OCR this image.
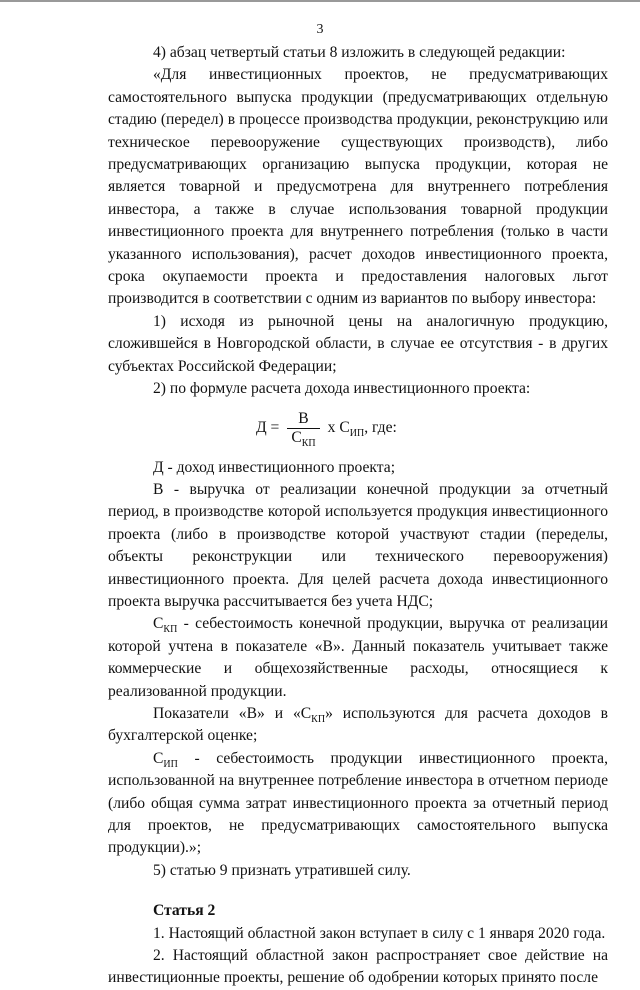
3

4) абзац четвертый статьи 8 изложить в следующей редакции:

«Для инвестиционных проектов, не предусматривающих самостоятельного выпуска продукции (предусматривающих отдельную стадию (передел) в процессе производства продукции, реконструкцию или техническое перевооружение существующих производств), либо предусматривающих организацию выпуска продукции, которая не является товарной и предусмотрена для внутреннего потребления инвестора, а также в случае использования товарной продукции инвестиционного проекта для внутреннего потребления (только в части указанного использования), расчет доходов инвестиционного проекта, срока окупаемости проекта и предоставления налоговых льгот производится в соответствии с одним из вариантов по выбору инвестора:

1) исходя из рыночной цены на аналогичную продукцию, сложившейся в Новгородской области, в случае ее отсутствия - в других субъектах Российской Федерации;

2) по формуле расчета дохода инвестиционного проекта:

$Д = \frac{В}{С_{КП}}$ х $С_{ИП}$, где:

Д - доход инвестиционного проекта;

В - выручка от реализации конечной продукции за отчетный период, в производстве которой используется продукция инвестиционного проекта (либо в производстве которой участвуют стадии (переделы, объекты реконструкции или технического перевооружения) инвестиционного проекта. Для целей расчета дохода инвестиционного проекта выручка рассчитывается без учета НДС;

$С_{КП}$ - себестоимость конечной продукции, выручка от реализации которой учтена в показателе «В». Данный показатель учитывает также коммерческие и общехозяйственные расходы, относящиеся к реализованной продукции.

Показатели «В» и «$С_{КП}$» используются для расчета доходов в бухгалтерской оценке;

$С_{ИП}$ - себестоимость продукции инвестиционного проекта, использованной на внутреннее потребление инвестора в отчетном периоде (либо общая сумма затрат инвестиционного проекта за отчетный период для проектов, не предусматривающих самостоятельного выпуска продукции).»;

5) статью 9 признать утратившей силу.

Статья 2

1. Настоящий областной закон вступает в силу с 1 января 2020 года.

2. Настоящий областной закон распространяет свое действие на инвестиционные проекты, решение об одобрении которых принято после
